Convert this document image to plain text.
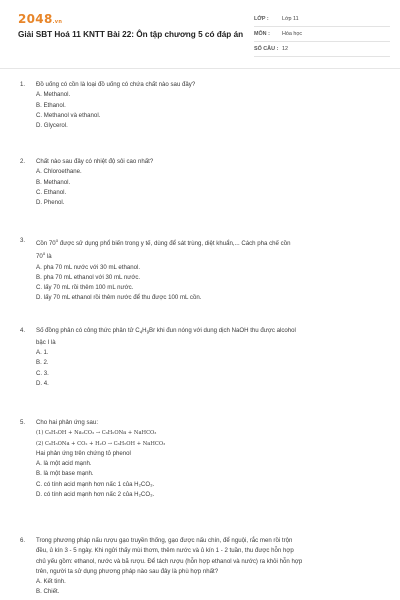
2048.vn
Giải SBT Hoá 11 KNTT Bài 22: Ôn tập chương 5 có đáp án
LỚP :	Lớp 11
MÔN :	Hóa học
SỐ CÂU : 12
1.	Đồ uống có cồn là loại đồ uống có chứa chất nào sau đây?
A. Methanol.
B. Ethanol.
C. Methanol và ethanol.
D. Glycerol.
2.	Chất nào sau đây có nhiệt độ sôi cao nhất?
A. Chloroethane.
B. Methanol.
C. Ethanol.
D. Phenol.
3.	Cồn 70$^o$ được sử dụng phổ biến trong y tế, dùng để sát trùng, diệt khuẩn,... Cách pha chế cồn
70$^o$ là
A. pha 70 mL nước với 30 mL ethanol.
B. pha 70 mL ethanol với 30 mL nước.
C. lấy 70 mL rồi thêm 100 mL nước.
D. lấy 70 mL ethanol rồi thêm nước để thu được 100 mL cồn.
4.	Số đồng phân có công thức phân tử $C_4H_9Br$ khi đun nóng với dung dịch NaOH thu được alcohol
bậc I là
A. 1.
B. 2.
C. 3.
D. 4.
5.	Cho hai phản ứng sau:
(1) C₆H₅OH + Na₂CO₃ → C₆H₅ONa + NaHCO₃
(2) C₆H₅ONa + CO₂ + H₂O → C₆H₅OH + NaHCO₃
Hai phản ứng trên chứng tỏ phenol
A. là một acid mạnh.
B. là một base mạnh.
C. có tính acid mạnh hơn nấc 1 của H₂CO₃.
D. có tính acid mạnh hơn nấc 2 của H₂CO₃.
6.	Trong phương pháp nấu rượu gạo truyền thống, gạo được nấu chín, để nguội, rắc men rồi trộn
đều, ủ kín 3 - 5 ngày. Khi ngửi thấy mùi thơm, thêm nước và ủ kín 1 - 2 tuần, thu được hỗn hợp
chủ yếu gồm: ethanol, nước và bã rượu. Để tách rượu (hỗn hợp ethanol và nước) ra khỏi hỗn hợp
trên, người ta sử dụng phương pháp nào sau đây là phù hợp nhất?
A. Kết tinh.
B. Chiết.
